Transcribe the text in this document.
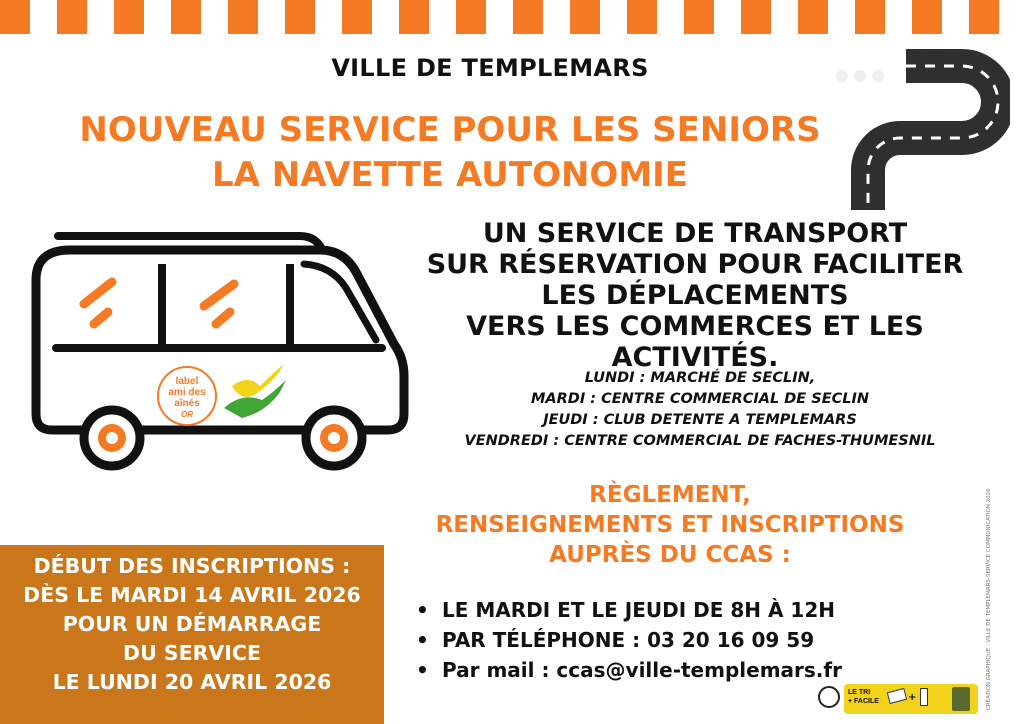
VILLE DE TEMPLEMARS
NOUVEAU SERVICE POUR LES SENIORS
LA NAVETTE AUTONOMIE
label
ami des
aînés
OR
UN SERVICE DE TRANSPORT
SUR RÉSERVATION POUR FACILITER
LES DÉPLACEMENTS
VERS LES COMMERCES ET LES ACTIVITÉS.
LUNDI : MARCHÉ DE SECLIN,
MARDI : CENTRE COMMERCIAL DE SECLIN
JEUDI : CLUB DETENTE A TEMPLEMARS
VENDREDI : CENTRE COMMERCIAL DE FACHES-THUMESNIL
RÈGLEMENT,
RENSEIGNEMENTS ET INSCRIPTIONS
AUPRÈS DU CCAS :
DÉBUT DES INSCRIPTIONS :
DÈS LE MARDI 14 AVRIL 2026
POUR UN DÉMARRAGE
DU SERVICE
LE LUNDI 20 AVRIL 2026
• LE MARDI ET LE JEUDI DE 8H À 12H
• PAR TÉLÉPHONE : 03 20 16 09 59
• Par mail : ccas@ville-templemars.fr	CRÉATION GRAPHIQUE : VILLE DE TEMPLEMARS-SERVICE COMMUNICATION 2026
LE TRI
+ FACILE	+
